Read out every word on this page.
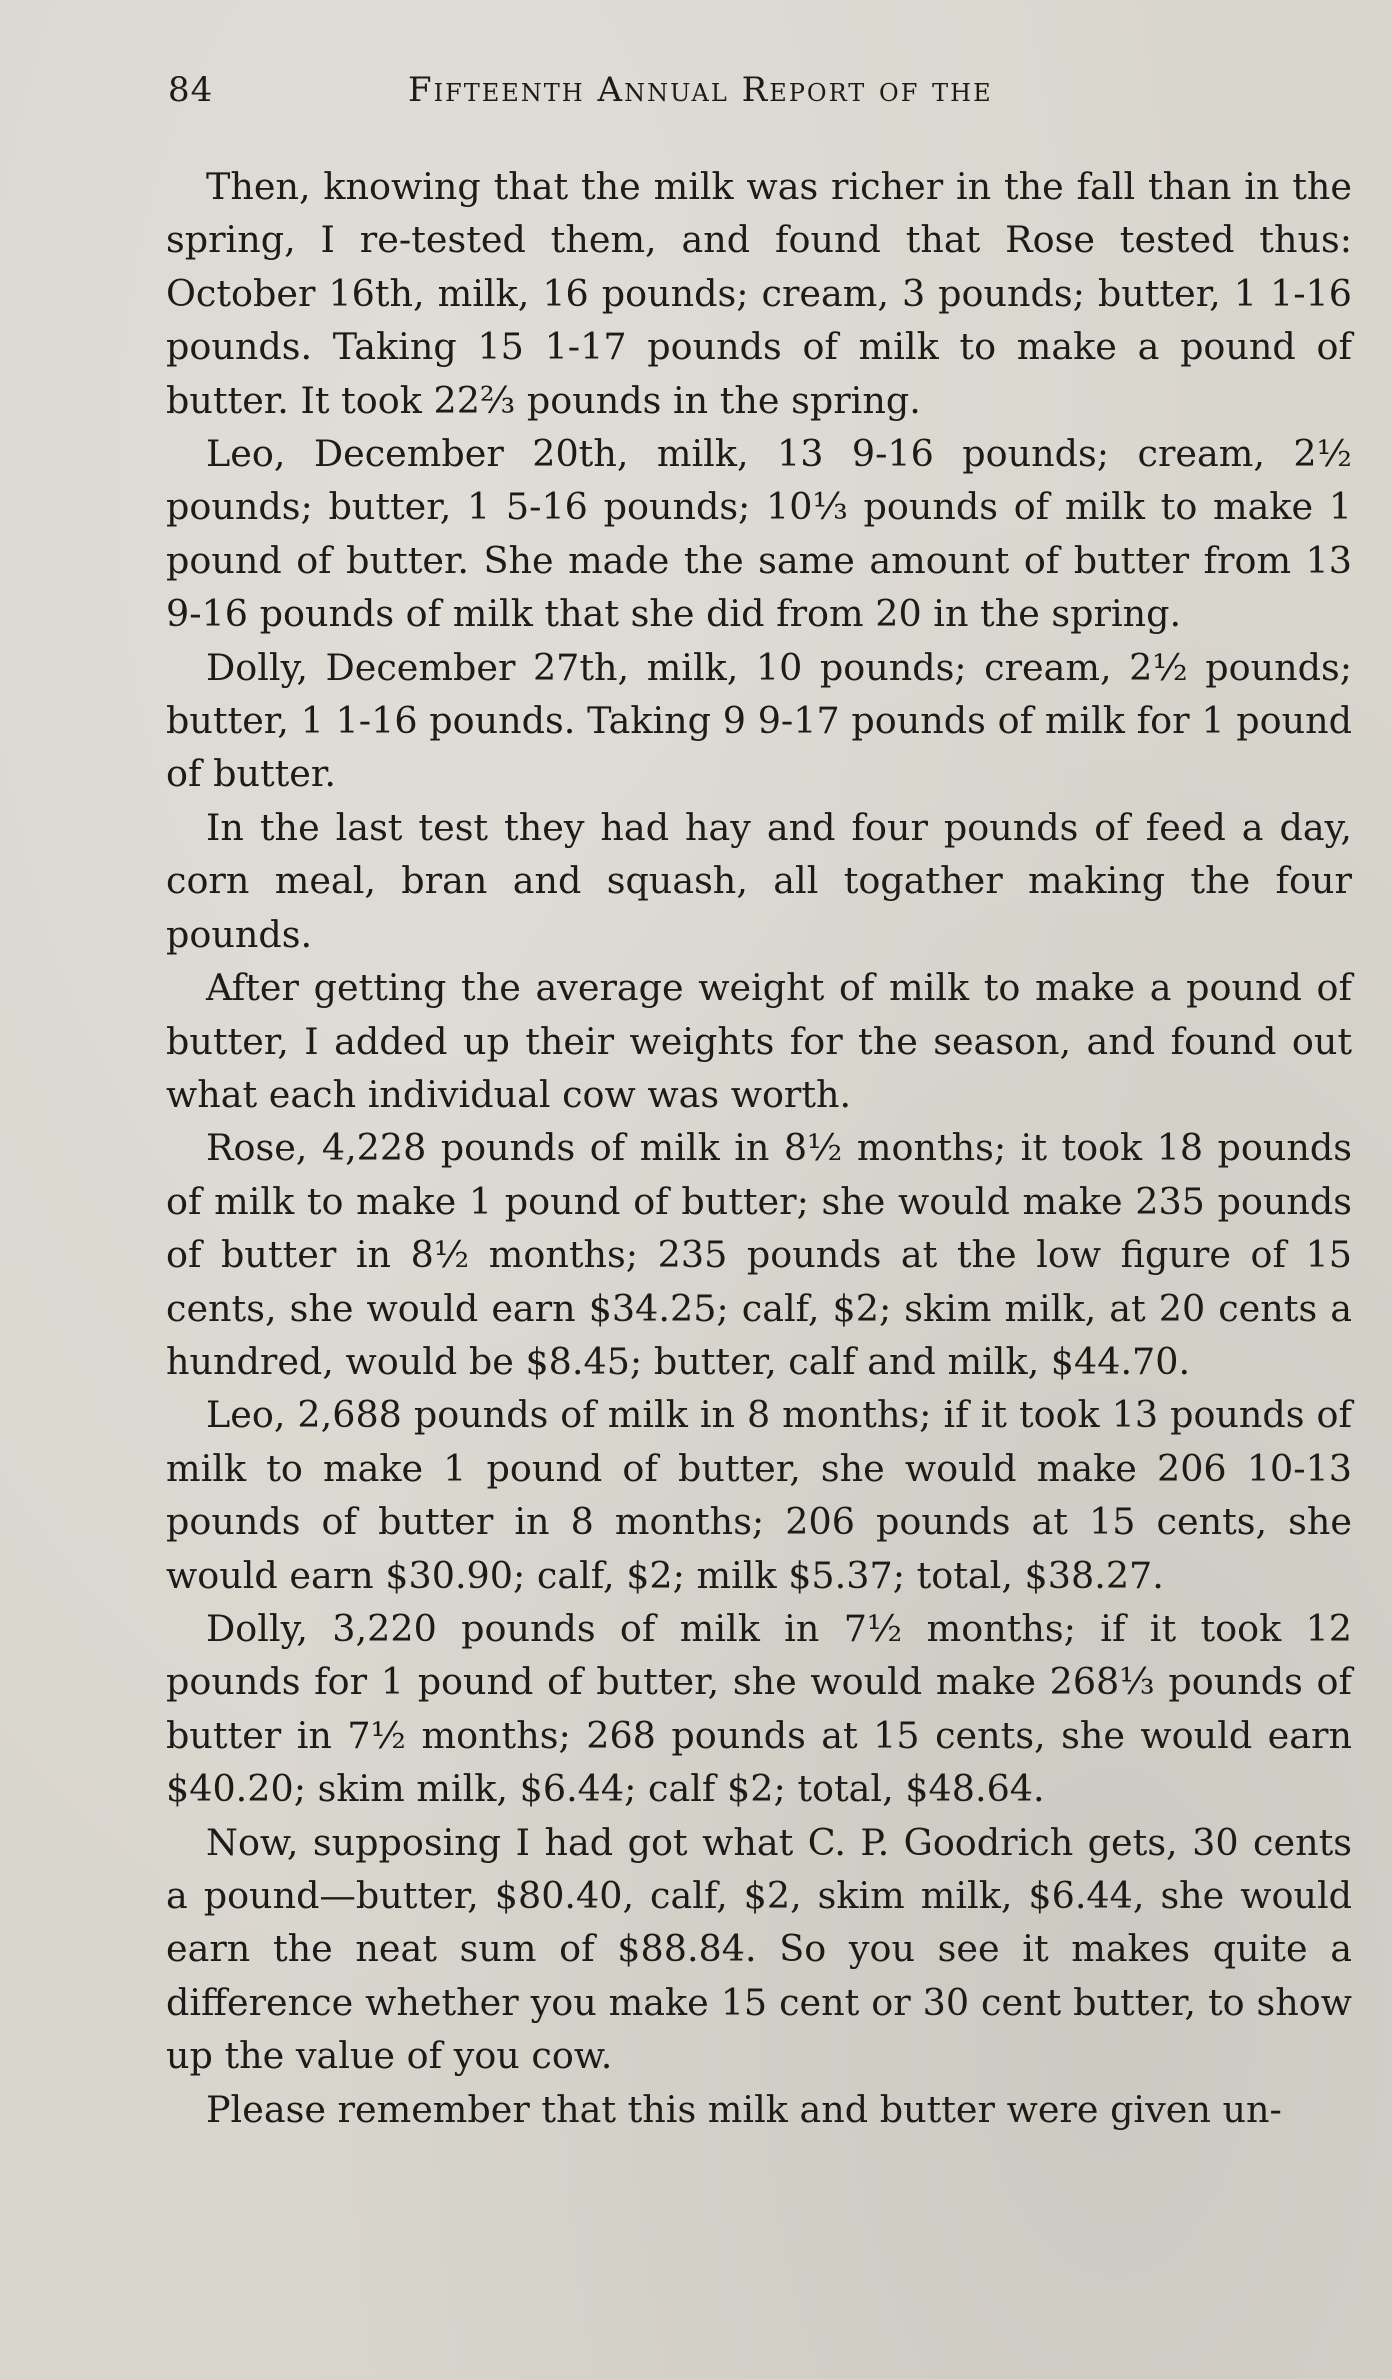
84	Fifteenth Annual Report of the

Then, knowing that the milk was richer in the fall than in the spring, I re-tested them, and found that Rose tested thus: October 16th, milk, 16 pounds; cream, 3 pounds; butter, 1 1-16 pounds. Taking 15 1-17 pounds of milk to make a pound of butter. It took 22⅔ pounds in the spring.

Leo, December 20th, milk, 13 9-16 pounds; cream, 2½ pounds; butter, 1 5-16 pounds; 10⅓ pounds of milk to make 1 pound of butter. She made the same amount of butter from 13 9-16 pounds of milk that she did from 20 in the spring.

Dolly, December 27th, milk, 10 pounds; cream, 2½ pounds; butter, 1 1-16 pounds. Taking 9 9-17 pounds of milk for 1 pound of butter.

In the last test they had hay and four pounds of feed a day, corn meal, bran and squash, all togather making the four pounds.

After getting the average weight of milk to make a pound of butter, I added up their weights for the season, and found out what each individual cow was worth.

Rose, 4,228 pounds of milk in 8½ months; it took 18 pounds of milk to make 1 pound of butter; she would make 235 pounds of butter in 8½ months; 235 pounds at the low figure of 15 cents, she would earn $34.25; calf, $2; skim milk, at 20 cents a hundred, would be $8.45; butter, calf and milk, $44.70.

Leo, 2,688 pounds of milk in 8 months; if it took 13 pounds of milk to make 1 pound of butter, she would make 206 10-13 pounds of butter in 8 months; 206 pounds at 15 cents, she would earn $30.90; calf, $2; milk $5.37; total, $38.27.

Dolly, 3,220 pounds of milk in 7½ months; if it took 12 pounds for 1 pound of butter, she would make 268⅓ pounds of butter in 7½ months; 268 pounds at 15 cents, she would earn $40.20; skim milk, $6.44; calf $2; total, $48.64.

Now, supposing I had got what C. P. Goodrich gets, 30 cents a pound—butter, $80.40, calf, $2, skim milk, $6.44, she would earn the neat sum of $88.84. So you see it makes quite a difference whether you make 15 cent or 30 cent butter, to show up the value of you cow.

Please remember that this milk and butter were given un-
